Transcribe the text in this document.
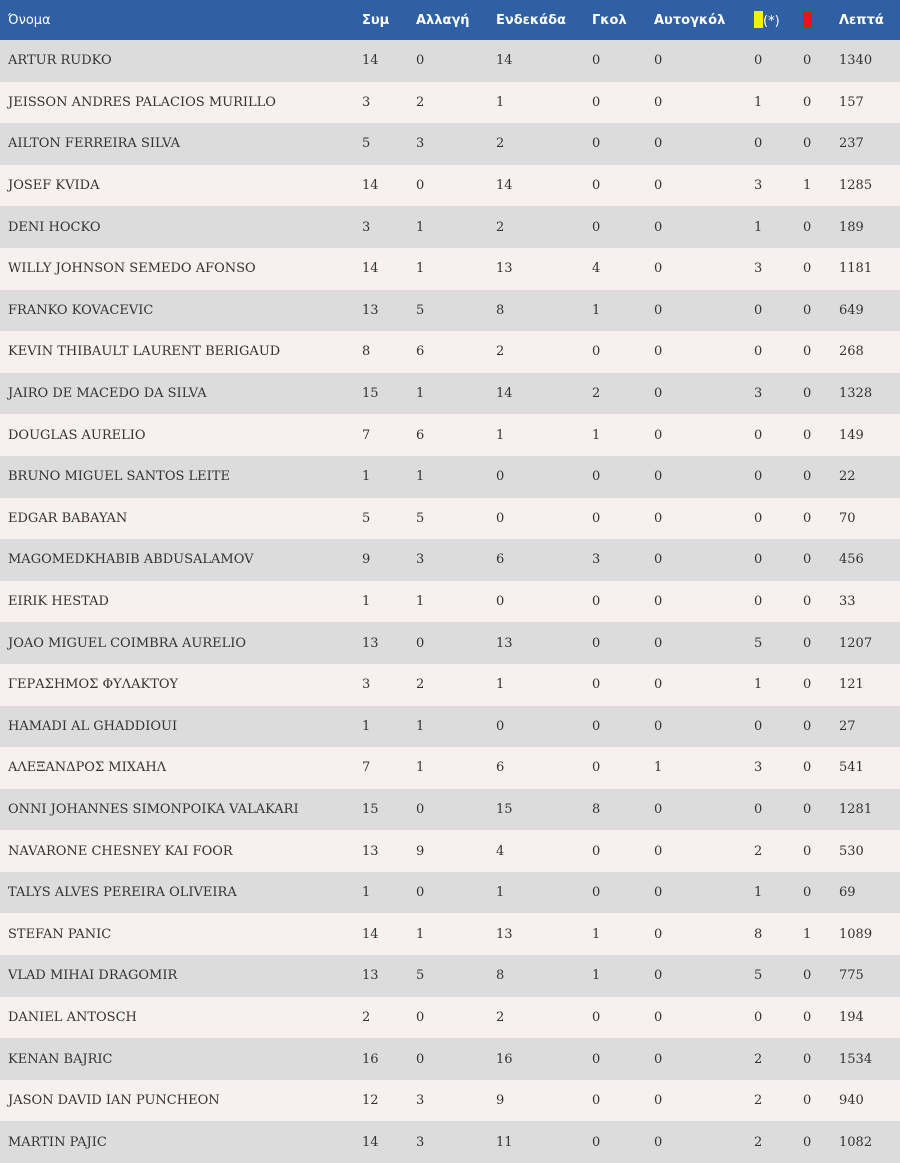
Όνομα	Συμ	Αλλαγή	Ενδεκάδα	Γκολ	Αυτογκόλ	(*)		Λεπτά
ARTUR RUDKO	14	0	14	0	0	0	0	1340
JEISSON ANDRES PALACIOS MURILLO	3	2	1	0	0	1	0	157
AILTON FERREIRA SILVA	5	3	2	0	0	0	0	237
JOSEF KVIDA	14	0	14	0	0	3	1	1285
DENI HOCKO	3	1	2	0	0	1	0	189
WILLY JOHNSON SEMEDO AFONSO	14	1	13	4	0	3	0	1181
FRANKO KOVACEVIC	13	5	8	1	0	0	0	649
KEVIN THIBAULT LAURENT BERIGAUD	8	6	2	0	0	0	0	268
JAIRO DE MACEDO DA SILVA	15	1	14	2	0	3	0	1328
DOUGLAS AURELIO	7	6	1	1	0	0	0	149
BRUNO MIGUEL SANTOS LEITE	1	1	0	0	0	0	0	22
EDGAR BABAYAN	5	5	0	0	0	0	0	70
MAGOMEDKHABIB ABDUSALAMOV	9	3	6	3	0	0	0	456
EIRIK HESTAD	1	1	0	0	0	0	0	33
JOAO MIGUEL COIMBRA AURELIO	13	0	13	0	0	5	0	1207
ΓΕΡΑΣΗΜΟΣ ΦΥΛΑΚΤΟΥ	3	2	1	0	0	1	0	121
HAMADI AL GHADDIOUI	1	1	0	0	0	0	0	27
ΑΛΕΞΑΝΔΡΟΣ ΜΙΧΑΗΛ	7	1	6	0	1	3	0	541
ONNI JOHANNES SIMONPOIKA VALAKARI	15	0	15	8	0	0	0	1281
NAVARONE CHESNEY KAI FOOR	13	9	4	0	0	2	0	530
TALYS ALVES PEREIRA OLIVEIRA	1	0	1	0	0	1	0	69
STEFAN PANIC	14	1	13	1	0	8	1	1089
VLAD MIHAI DRAGOMIR	13	5	8	1	0	5	0	775
DANIEL ANTOSCH	2	0	2	0	0	0	0	194
KENAN BAJRIC	16	0	16	0	0	2	0	1534
JASON DAVID IAN PUNCHEON	12	3	9	0	0	2	0	940
MARTIN PAJIC	14	3	11	0	0	2	0	1082
